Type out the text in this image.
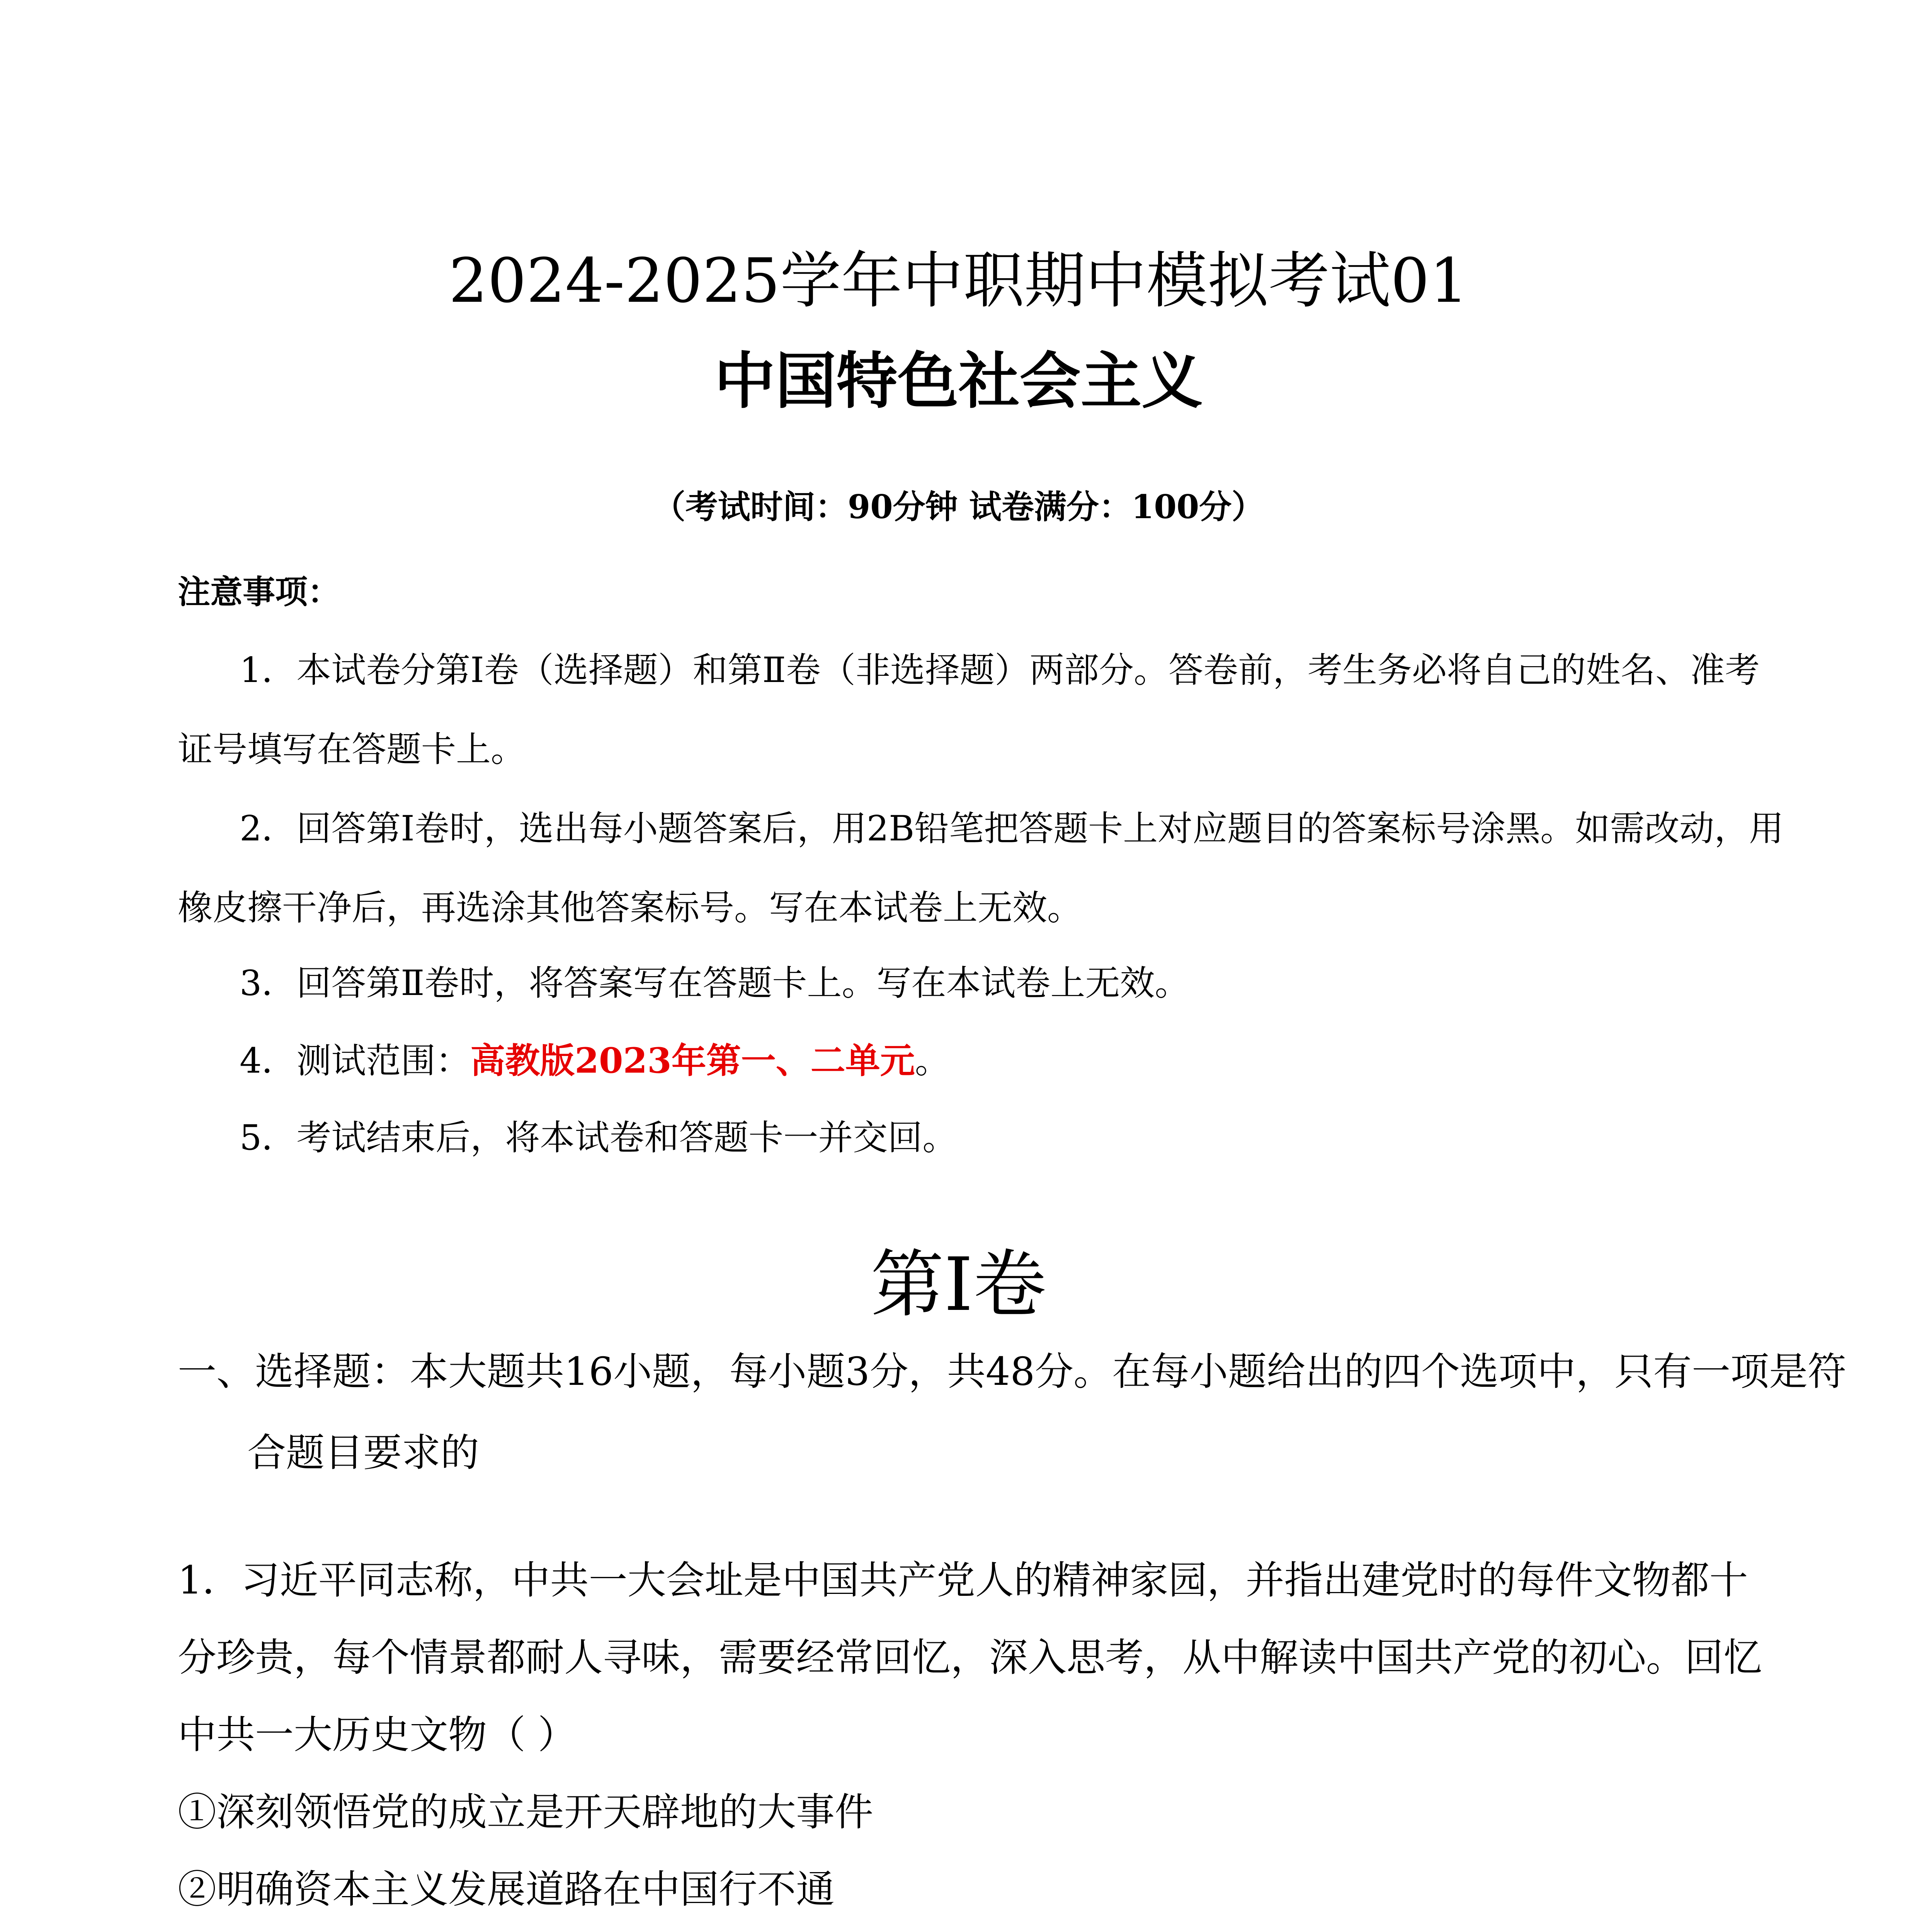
2024-2025学年中职期中模拟考试01
中国特色社会主义
（考试时间：90分钟 试卷满分：100分）
注意事项：
1．本试卷分第Ⅰ卷（选择题）和第Ⅱ卷（非选择题）两部分。答卷前，考生务必将自己的姓名、准考
证号填写在答题卡上。
2．回答第Ⅰ卷时，选出每小题答案后，用2B铅笔把答题卡上对应题目的答案标号涂黑。如需改动，用
橡皮擦干净后，再选涂其他答案标号。写在本试卷上无效。
3．回答第Ⅱ卷时，将答案写在答题卡上。写在本试卷上无效。
4．测试范围：高教版2023年第一、二单元。
5．考试结束后，将本试卷和答题卡一并交回。
第Ⅰ卷
一、选择题：本大题共16小题，每小题3分，共48分。在每小题给出的四个选项中，只有一项是符
合题目要求的
1．习近平同志称，中共一大会址是中国共产党人的精神家园，并指出建党时的每件文物都十
分珍贵，每个情景都耐人寻味，需要经常回忆，深入思考，从中解读中国共产党的初心。回忆
中共一大历史文物（ ）
①深刻领悟党的成立是开天辟地的大事件
②明确资本主义发展道路在中国行不通
